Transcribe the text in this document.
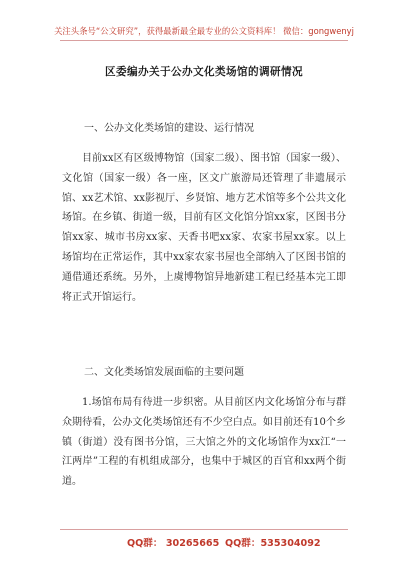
关注头条号“公文研究”，获得最新最全最专业的公文资料库！ 微信：gongwenyj
区委编办关于公办文化类场馆的调研情况
一、公办文化类场馆的建设、运行情况

目前xx区有区级博物馆（国家二级）、图书馆（国家一级）、文化馆（国家一级）各一座，区文广旅游局还管理了非遗展示馆、xx艺术馆、xx影视厅、乡贤馆、地方艺术馆等多个公共文化场馆。在乡镇、街道一级，目前有区文化馆分馆xx家，区图书分馆xx家、城市书房xx家、天香书吧xx家、农家书屋xx家。以上场馆均在正常运作，其中xx家农家书屋也全部纳入了区图书馆的通借通还系统。另外，上虞博物馆异地新建工程已经基本完工即将正式开馆运行。

二、文化类场馆发展面临的主要问题

1.场馆布局有待进一步织密。从目前区内文化场馆分布与群众期待看，公办文化类场馆还有不少空白点。如目前还有10个乡镇（街道）没有图书分馆，三大馆之外的文化场馆作为xx江“一江两岸”工程的有机组成部分，也集中于城区的百官和xx两个街道。

QQ群： 30265665 QQ群：535304092
